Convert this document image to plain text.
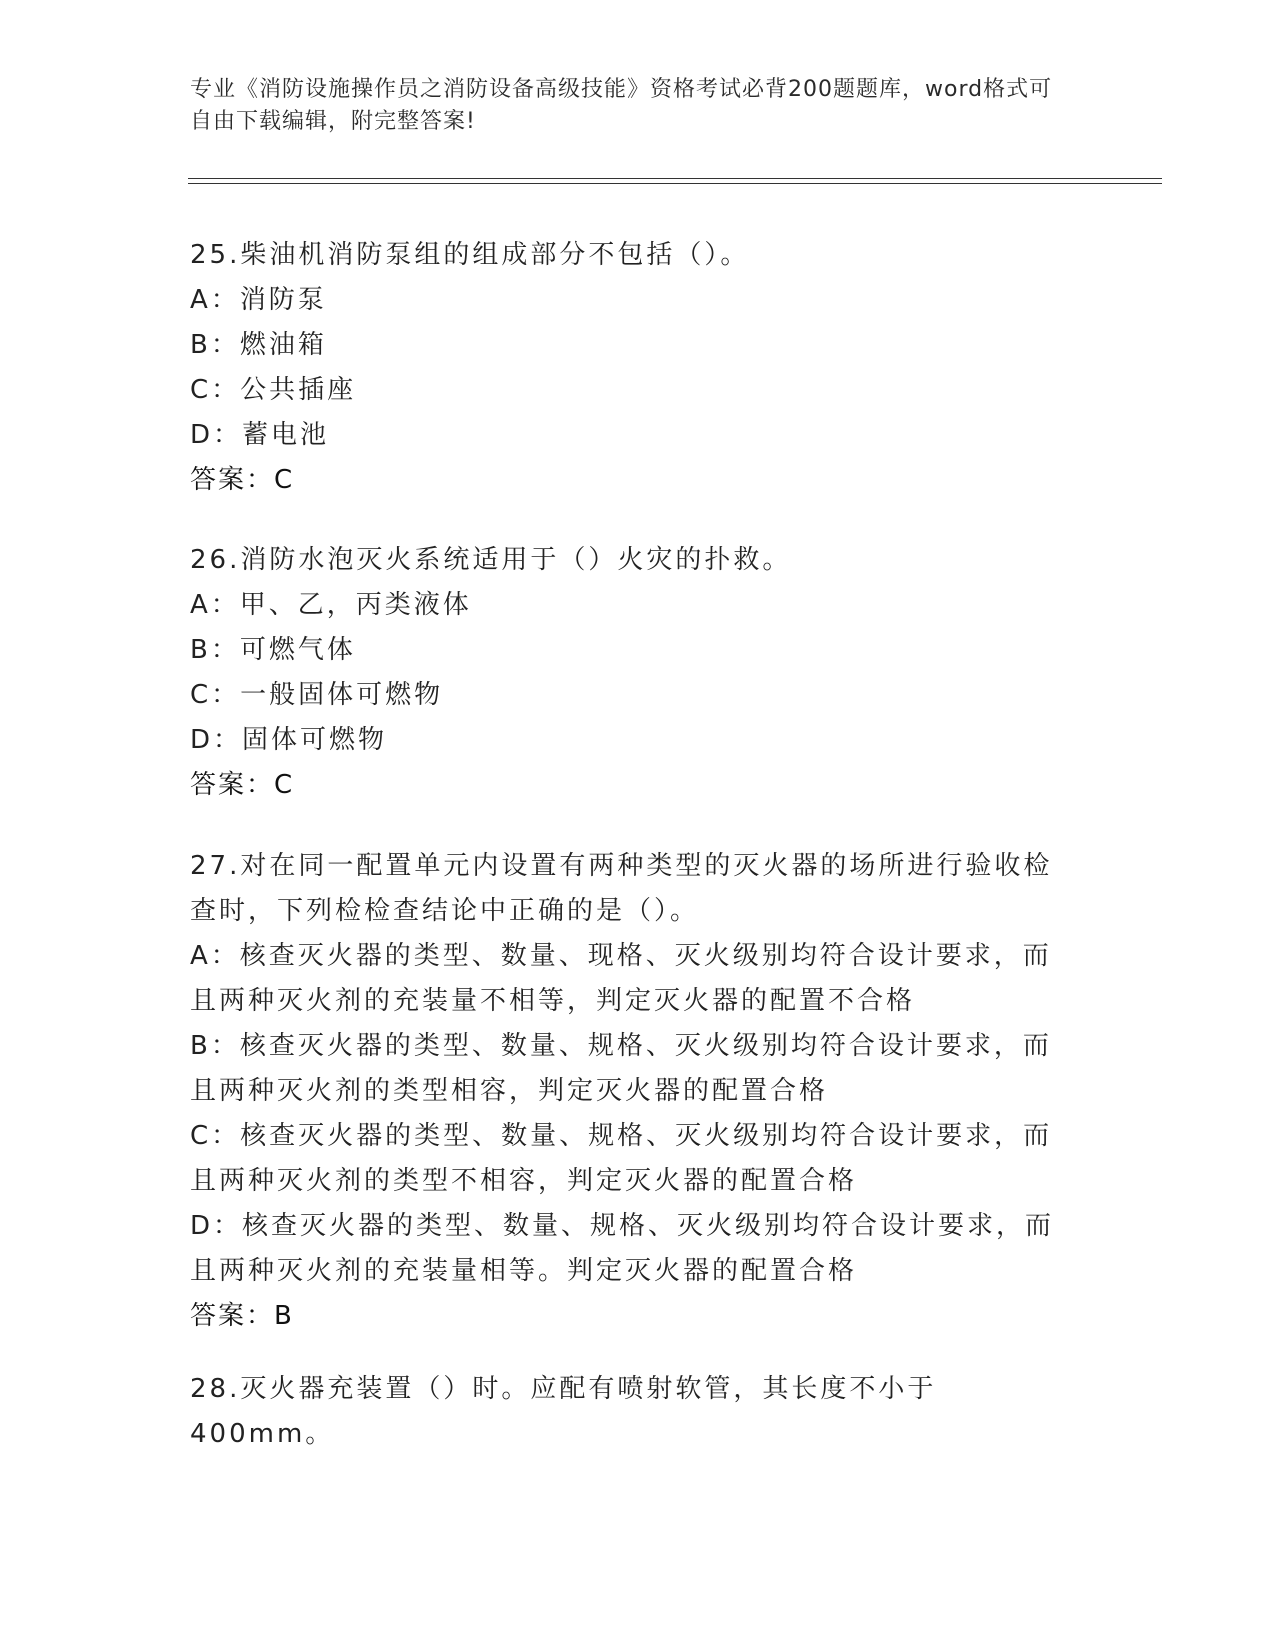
专业《消防设施操作员之消防设备高级技能》资格考试必背200题题库，word格式可自由下载编辑，附完整答案!
25.柴油机消防泵组的组成部分不包括（）。
A：消防泵
B：燃油箱
C：公共插座
D：蓄电池
答案：C
26.消防水泡灭火系统适用于（）火灾的扑救。
A：甲、乙，丙类液体
B：可燃气体
C：一般固体可燃物
D：固体可燃物
答案：C
27.对在同一配置单元内设置有两种类型的灭火器的场所进行验收检查时，下列检检查结论中正确的是（）。
A：核查灭火器的类型、数量、现格、灭火级别均符合设计要求，而且两种灭火剂的充装量不相等，判定灭火器的配置不合格
B：核查灭火器的类型、数量、规格、灭火级别均符合设计要求，而且两种灭火剂的类型相容，判定灭火器的配置合格
C：核查灭火器的类型、数量、规格、灭火级别均符合设计要求，而且两种灭火剂的类型不相容，判定灭火器的配置合格
D：核查灭火器的类型、数量、规格、灭火级别均符合设计要求，而且两种灭火剂的充装量相等。判定灭火器的配置合格
答案：B
28.灭火器充装置（）时。应配有喷射软管，其长度不小于400mm。
